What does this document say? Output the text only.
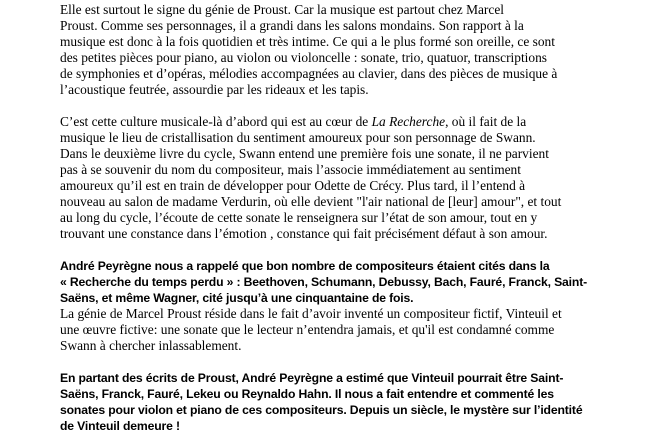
Elle est surtout le signe du génie de Proust. Car la musique est partout chez Marcel
Proust. Comme ses personnages, il a grandi dans les salons mondains. Son rapport à la
musique est donc à la fois quotidien et très intime. Ce qui a le plus formé son oreille, ce sont
des petites pièces pour piano, au violon ou violoncelle : sonate, trio, quatuor, transcriptions
de symphonies et d’opéras, mélodies accompagnées au clavier, dans des pièces de musique à
l’acoustique feutrée, assourdie par les rideaux et les tapis.
C’est cette culture musicale-là d’abord qui est au cœur de La Recherche, où il fait de la
musique le lieu de cristallisation du sentiment amoureux pour son personnage de Swann.
Dans le deuxième livre du cycle, Swann entend une première fois une sonate, il ne parvient
pas à se souvenir du nom du compositeur, mais l’associe immédiatement au sentiment
amoureux qu’il est en train de développer pour Odette de Crécy. Plus tard, il l’entend à
nouveau au salon de madame Verdurin, où elle devient "l'air national de [leur] amour", et tout
au long du cycle, l’écoute de cette sonate le renseignera sur l’état de son amour, tout en y
trouvant une constance dans l’émotion , constance qui fait précisément défaut à son amour.
André Peyrègne nous a rappelé que bon nombre de compositeurs étaient cités dans la
« Recherche du temps perdu » : Beethoven, Schumann, Debussy, Bach, Fauré, Franck, Saint-
Saëns, et même Wagner, cité jusqu’à une cinquantaine de fois.
La génie de Marcel Proust réside dans le fait d’avoir inventé un compositeur fictif, Vinteuil et
une œuvre fictive: une sonate que le lecteur n’entendra jamais, et qu'il est condamné comme
Swann à chercher inlassablement.
En partant des écrits de Proust, André Peyrègne a estimé que Vinteuil pourrait être Saint-
Saëns, Franck, Fauré, Lekeu ou Reynaldo Hahn. Il nous a fait entendre et commenté les
sonates pour violon et piano de ces compositeurs. Depuis un siècle, le mystère sur l’identité
de Vinteuil demeure !
